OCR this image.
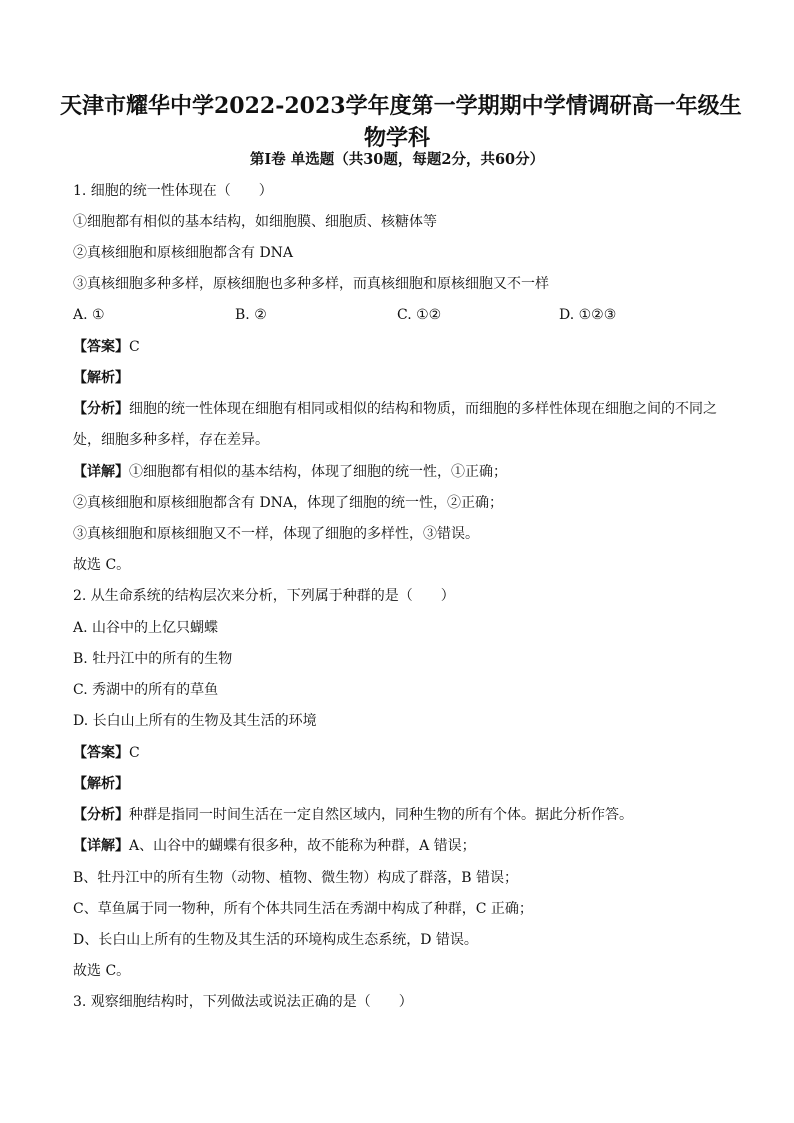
天津市耀华中学2022-2023学年度第一学期期中学情调研高一年级生
物学科
第I卷 单选题（共30题，每题2分，共60分）
1. 细胞的统一性体现在（　　）
①细胞都有相似的基本结构，如细胞膜、细胞质、核糖体等
②真核细胞和原核细胞都含有 DNA
③真核细胞多种多样，原核细胞也多种多样，而真核细胞和原核细胞又不一样
A. ①	B. ②	C. ①②	D. ①②③
【答案】C
【解析】
【分析】细胞的统一性体现在细胞有相同或相似的结构和物质，而细胞的多样性体现在细胞之间的不同之
处，细胞多种多样，存在差异。
【详解】①细胞都有相似的基本结构，体现了细胞的统一性，①正确；
②真核细胞和原核细胞都含有 DNA，体现了细胞的统一性，②正确；
③真核细胞和原核细胞又不一样，体现了细胞的多样性，③错误。
故选 C。
2. 从生命系统的结构层次来分析，下列属于种群的是（　　）
A. 山谷中的上亿只蝴蝶
B. 牡丹江中的所有的生物
C. 秀湖中的所有的草鱼
D. 长白山上所有的生物及其生活的环境
【答案】C
【解析】
【分析】种群是指同一时间生活在一定自然区域内，同种生物的所有个体。据此分析作答。
【详解】A、山谷中的蝴蝶有很多种，故不能称为种群，A 错误；
B、牡丹江中的所有生物（动物、植物、微生物）构成了群落，B 错误；
C、草鱼属于同一物种，所有个体共同生活在秀湖中构成了种群，C 正确；
D、长白山上所有的生物及其生活的环境构成生态系统，D 错误。
故选 C。
3. 观察细胞结构时，下列做法或说法正确的是（　　）
